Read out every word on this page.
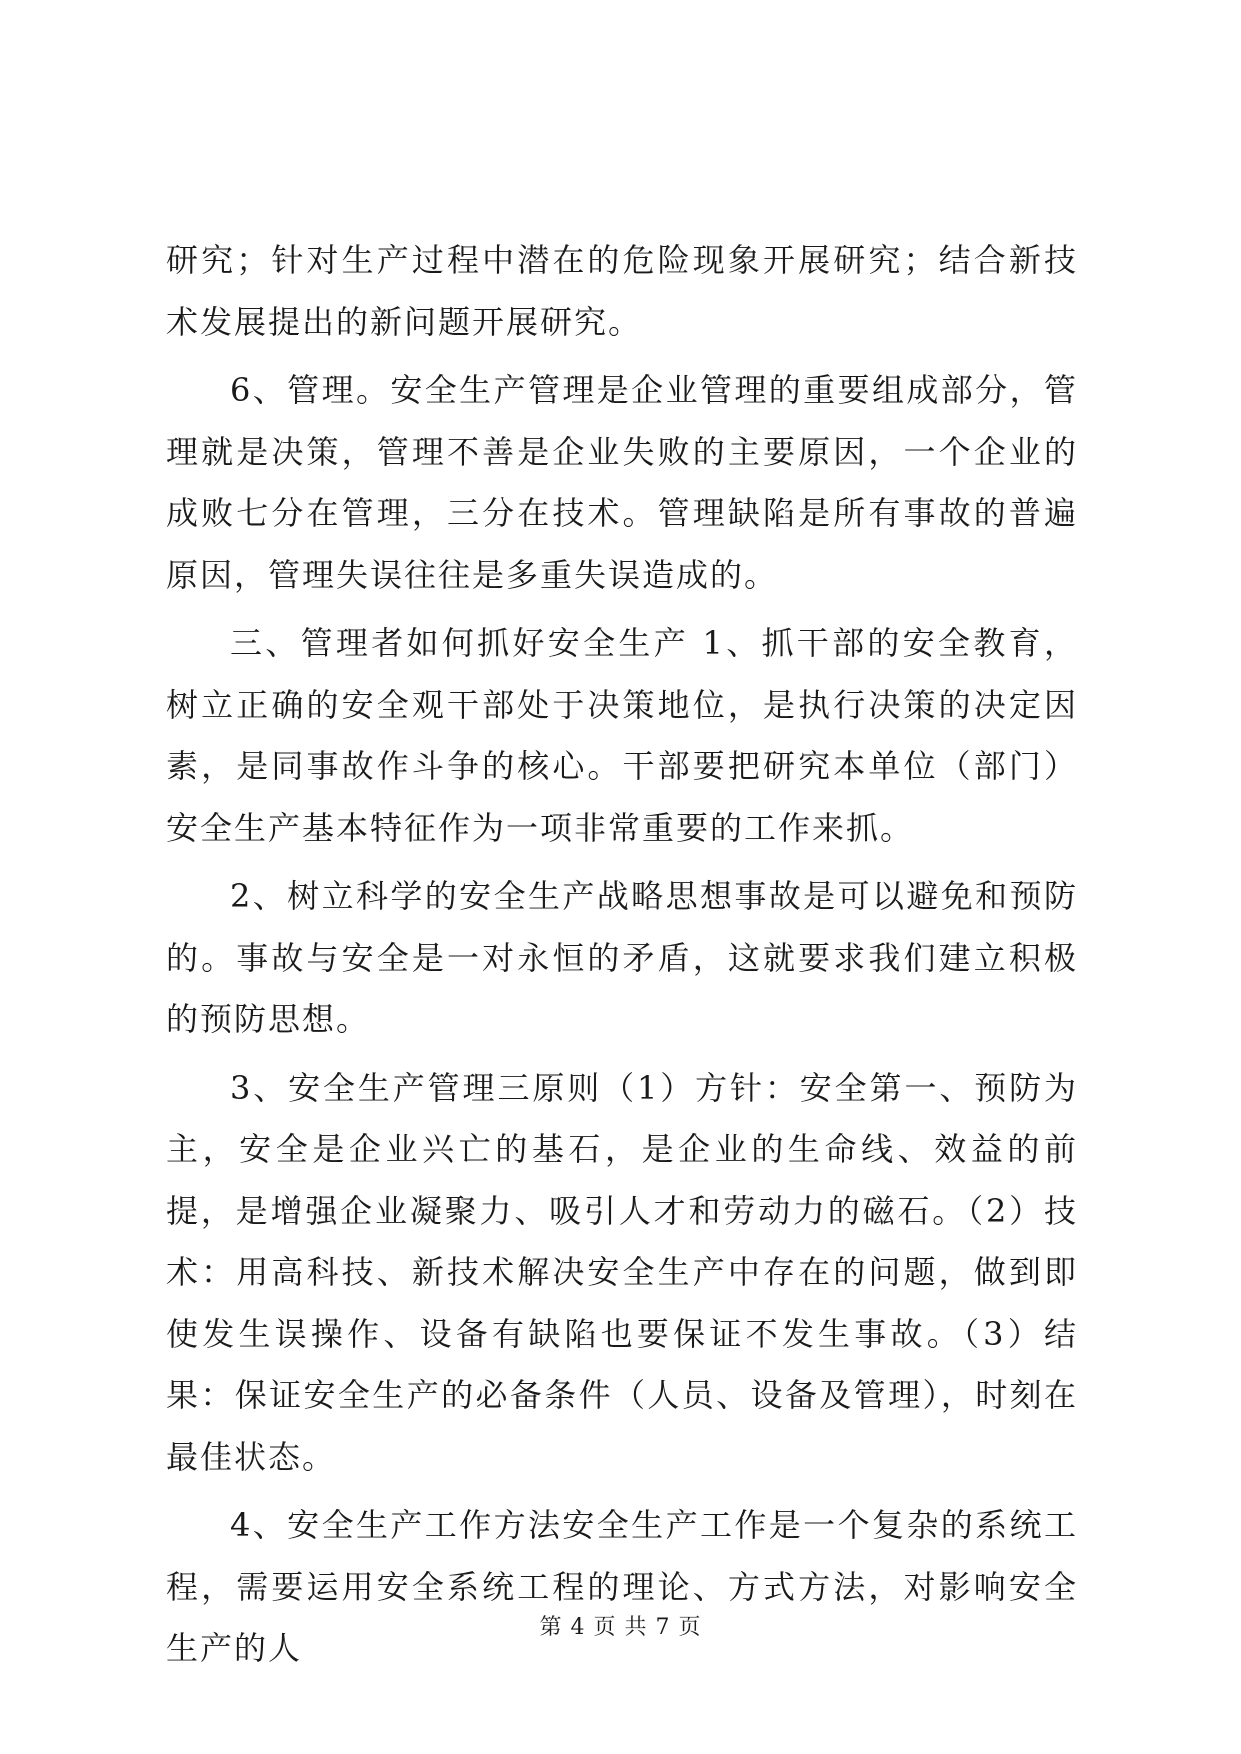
研究；针对生产过程中潜在的危险现象开展研究；结合新技术发展提出的新问题开展研究。

6、管理。安全生产管理是企业管理的重要组成部分，管理就是决策，管理不善是企业失败的主要原因，一个企业的成败七分在管理，三分在技术。管理缺陷是所有事故的普遍原因，管理失误往往是多重失误造成的。

三、管理者如何抓好安全生产 1、抓干部的安全教育，树立正确的安全观干部处于决策地位，是执行决策的决定因素，是同事故作斗争的核心。干部要把研究本单位（部门）安全生产基本特征作为一项非常重要的工作来抓。

2、树立科学的安全生产战略思想事故是可以避免和预防的。事故与安全是一对永恒的矛盾，这就要求我们建立积极的预防思想。

3、安全生产管理三原则（1）方针：安全第一、预防为主，安全是企业兴亡的基石，是企业的生命线、效益的前提，是增强企业凝聚力、吸引人才和劳动力的磁石。（2）技术：用高科技、新技术解决安全生产中存在的问题，做到即使发生误操作、设备有缺陷也要保证不发生事故。（3）结果：保证安全生产的必备条件（人员、设备及管理），时刻在最佳状态。

4、安全生产工作方法安全生产工作是一个复杂的系统工程，需要运用安全系统工程的理论、方式方法，对影响安全生产的人

第 4 页 共 7 页
